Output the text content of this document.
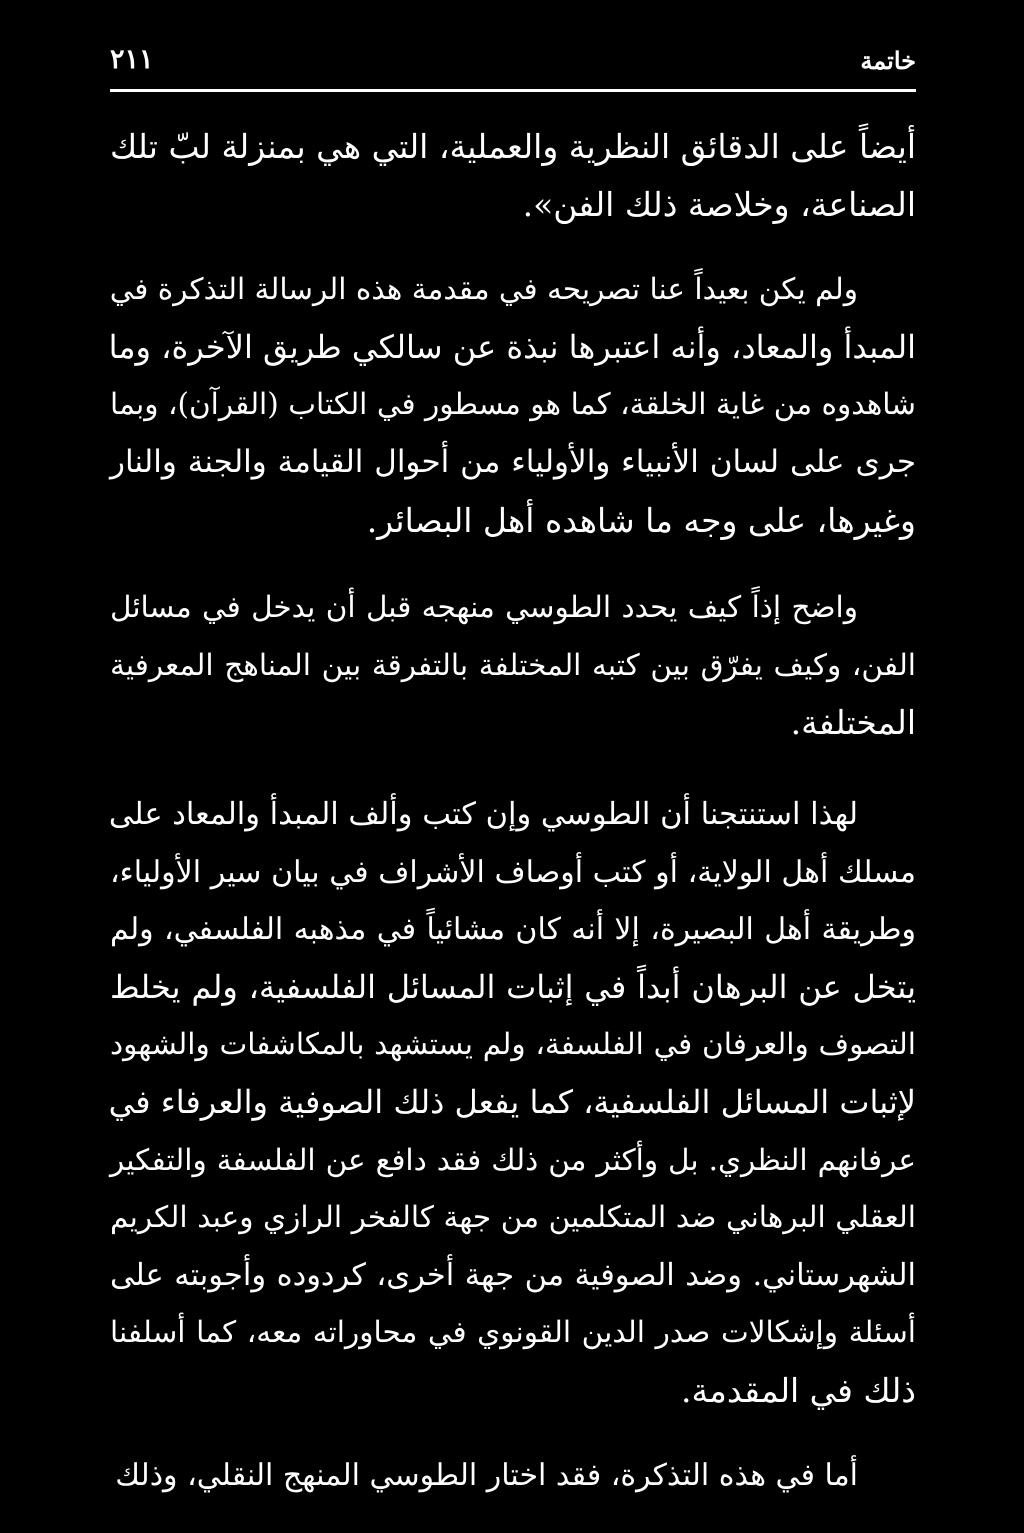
خاتمة
٢١١
أيضاً على الدقائق النظرية والعملية، التي هي بمنزلة لبّ تلك
الصناعة، وخلاصة ذلك الفن».
ولم يكن بعيداً عنا تصريحه في مقدمة هذه الرسالة التذكرة في
المبدأ والمعاد، وأنه اعتبرها نبذة عن سالكي طريق الآخرة، وما
شاهدوه من غاية الخلقة، كما هو مسطور في الكتاب (القرآن)، وبما
جرى على لسان الأنبياء والأولياء من أحوال القيامة والجنة والنار
وغيرها، على وجه ما شاهده أهل البصائر.
واضح إذاً كيف يحدد الطوسي منهجه قبل أن يدخل في مسائل
الفن، وكيف يفرّق بين كتبه المختلفة بالتفرقة بين المناهج المعرفية
المختلفة.
لهذا استنتجنا أن الطوسي وإن كتب وألف المبدأ والمعاد على
مسلك أهل الولاية، أو كتب أوصاف الأشراف في بيان سير الأولياء،
وطريقة أهل البصيرة، إلا أنه كان مشائياً في مذهبه الفلسفي، ولم
يتخل عن البرهان أبداً في إثبات المسائل الفلسفية، ولم يخلط
التصوف والعرفان في الفلسفة، ولم يستشهد بالمكاشفات والشهود
لإثبات المسائل الفلسفية، كما يفعل ذلك الصوفية والعرفاء في
عرفانهم النظري. بل وأكثر من ذلك فقد دافع عن الفلسفة والتفكير
العقلي البرهاني ضد المتكلمين من جهة كالفخر الرازي وعبد الكريم
الشهرستاني. وضد الصوفية من جهة أخرى، كردوده وأجوبته على
أسئلة وإشكالات صدر الدين القونوي في محاوراته معه، كما أسلفنا
ذلك في المقدمة.
أما في هذه التذكرة، فقد اختار الطوسي المنهج النقلي، وذلك
